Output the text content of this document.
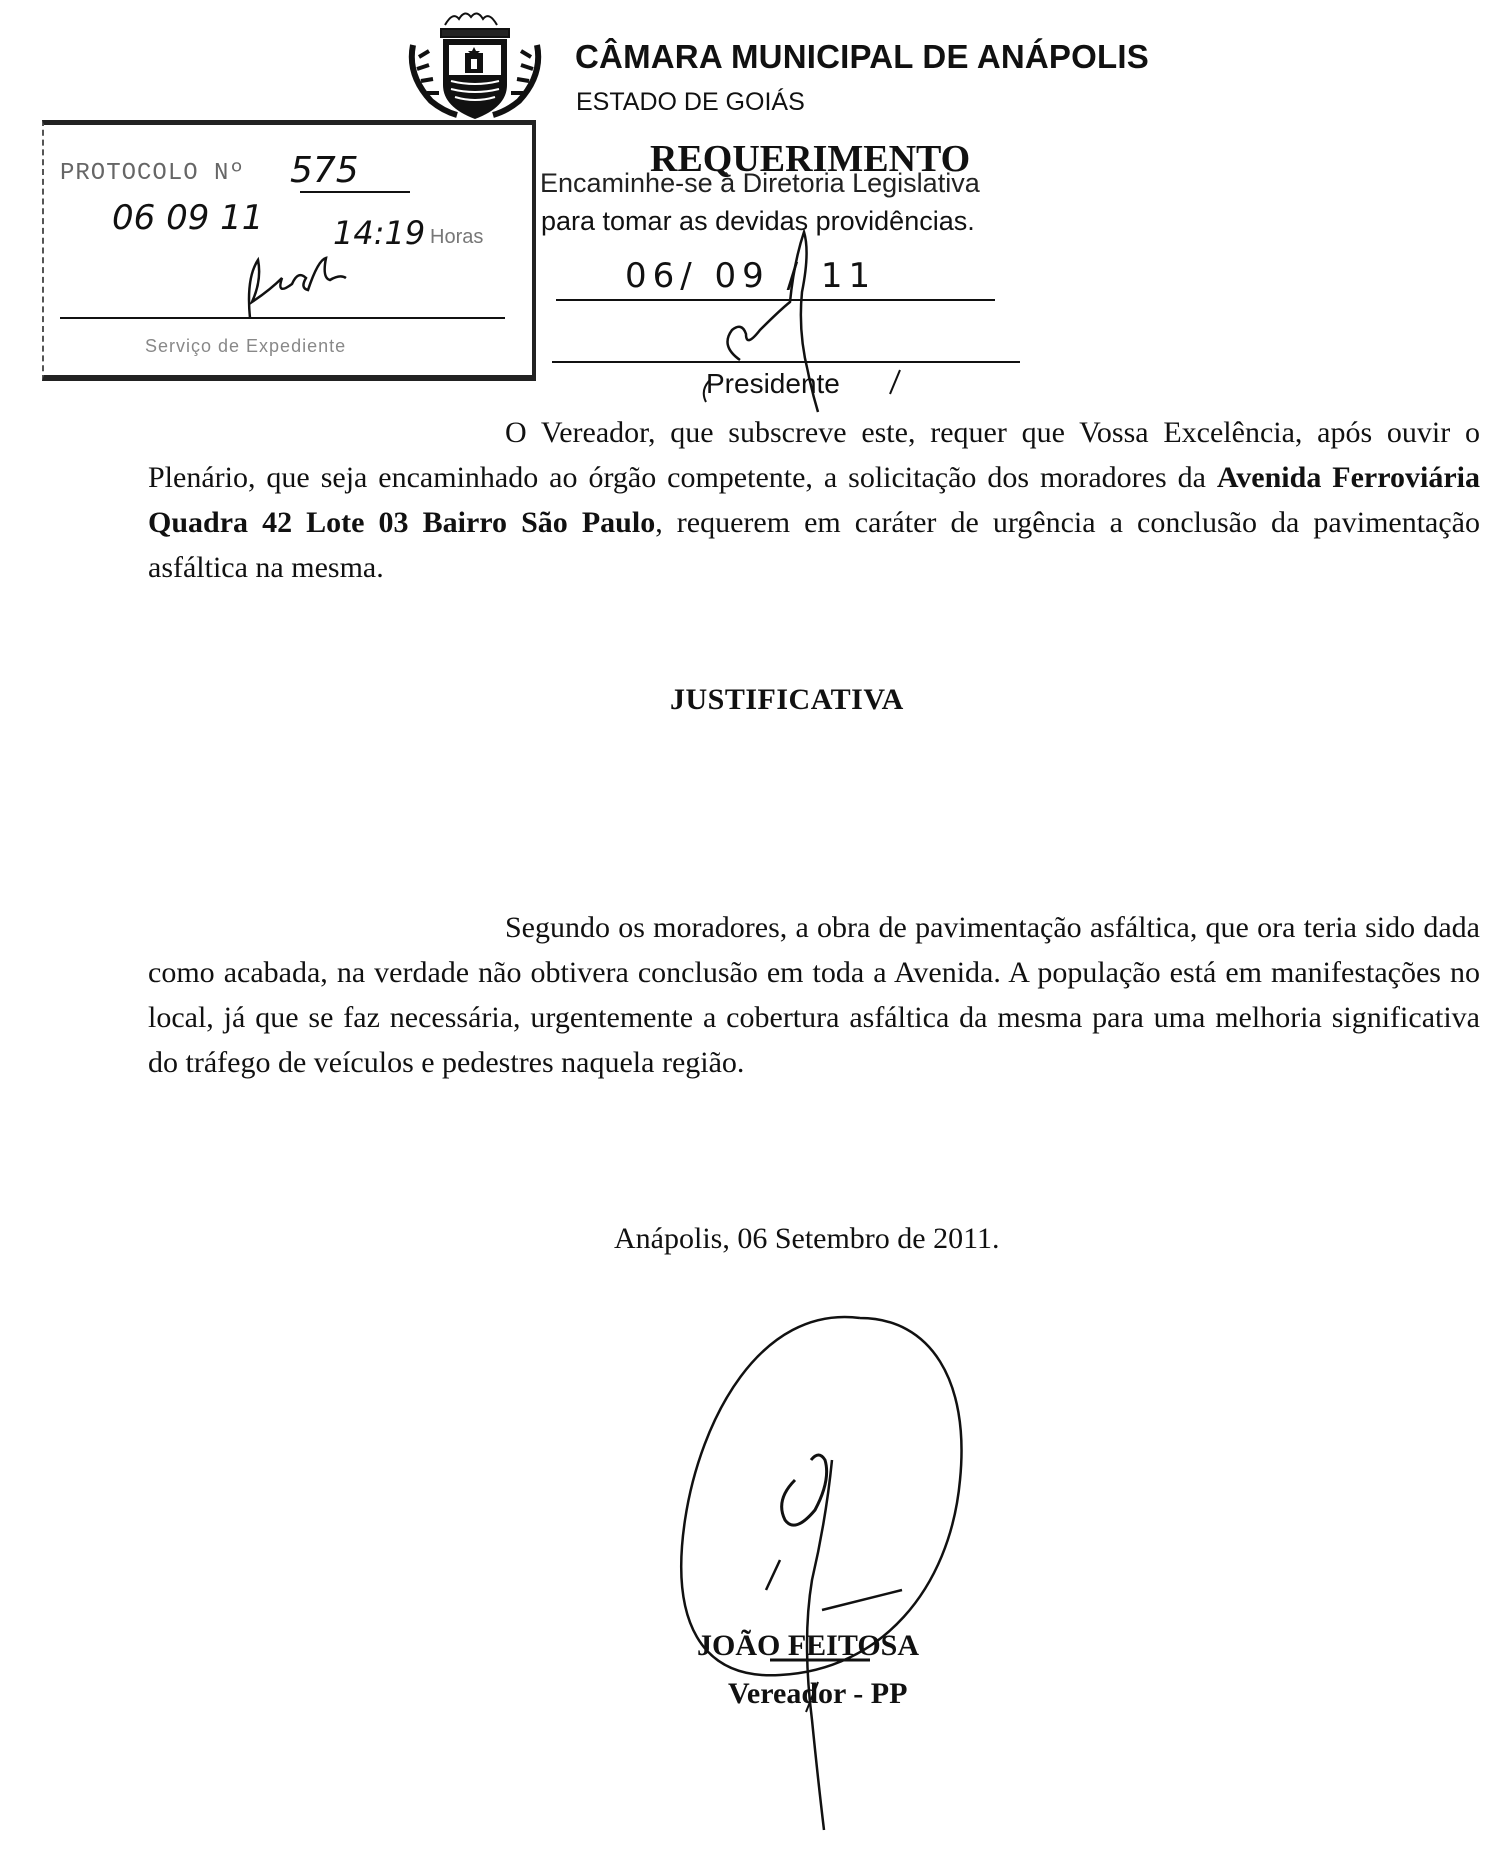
CÂMARA MUNICIPAL DE ANÁPOLIS
ESTADO DE GOIÁS
PROTOCOLO Nº 575
06 09 11 14:19 Horas
Serviço de Expediente
REQUERIMENTO
Encaminhe-se à Diretoria Legislativa
para tomar as devidas providências.
06/ 09 / 11
Presidente

O Vereador, que subscreve este, requer que Vossa Excelência, após ouvir o Plenário, que seja encaminhado ao órgão competente, a solicitação dos moradores da Avenida Ferroviária Quadra 42 Lote 03 Bairro São Paulo, requerem em caráter de urgência a conclusão da pavimentação asfáltica na mesma.

JUSTIFICATIVA

Segundo os moradores, a obra de pavimentação asfáltica, que ora teria sido dada como acabada, na verdade não obtivera conclusão em toda a Avenida. A população está em manifestações no local, já que se faz necessária, urgentemente a cobertura asfáltica da mesma para uma melhoria significativa do tráfego de veículos e pedestres naquela região.

Anápolis, 06 Setembro de 2011.
JOÃO FEITOSA
Vereador - PP
